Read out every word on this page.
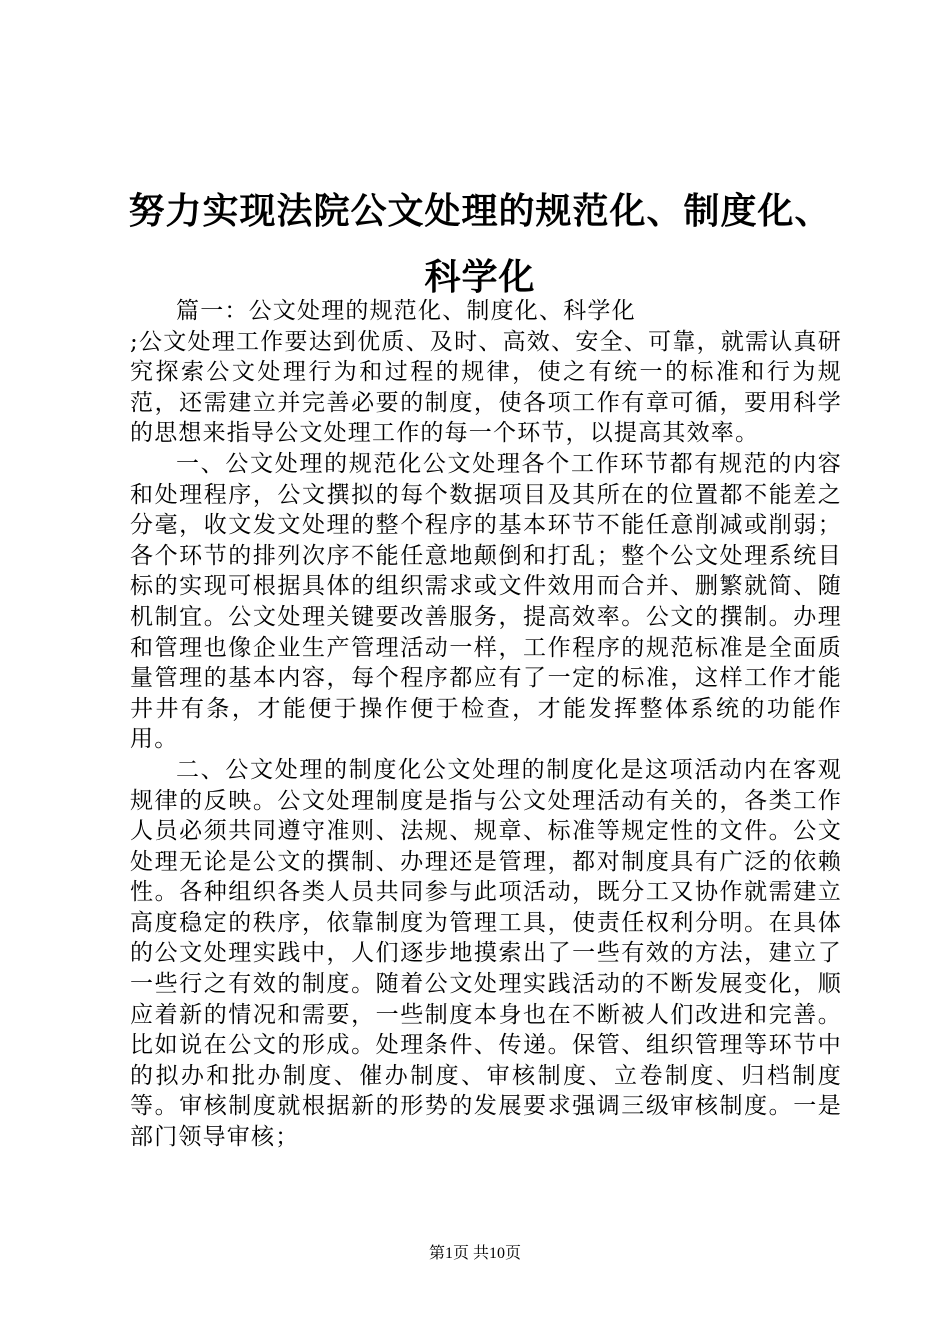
努力实现法院公文处理的规范化、制度化、科学化

篇一：公文处理的规范化、制度化、科学化

;公文处理工作要达到优质、及时、高效、安全、可靠，就需认真研究探索公文处理行为和过程的规律，使之有统一的标准和行为规范，还需建立并完善必要的制度，使各项工作有章可循，要用科学的思想来指导公文处理工作的每一个环节，以提高其效率。

一、公文处理的规范化公文处理各个工作环节都有规范的内容和处理程序，公文撰拟的每个数据项目及其所在的位置都不能差之分毫，收文发文处理的整个程序的基本环节不能任意削减或削弱；各个环节的排列次序不能任意地颠倒和打乱；整个公文处理系统目标的实现可根据具体的组织需求或文件效用而合并、删繁就简、随机制宜。公文处理关键要改善服务，提高效率。公文的撰制。办理和管理也像企业生产管理活动一样，工作程序的规范标准是全面质量管理的基本内容，每个程序都应有了一定的标准，这样工作才能井井有条，才能便于操作便于检查，才能发挥整体系统的功能作用。

二、公文处理的制度化公文处理的制度化是这项活动内在客观规律的反映。公文处理制度是指与公文处理活动有关的，各类工作人员必须共同遵守准则、法规、规章、标准等规定性的文件。公文处理无论是公文的撰制、办理还是管理，都对制度具有广泛的依赖性。各种组织各类人员共同参与此项活动，既分工又协作就需建立高度稳定的秩序，依靠制度为管理工具，使责任权利分明。在具体的公文处理实践中，人们逐步地摸索出了一些有效的方法，建立了一些行之有效的制度。随着公文处理实践活动的不断发展变化，顺应着新的情况和需要，一些制度本身也在不断被人们改进和完善。比如说在公文的形成。处理条件、传递。保管、组织管理等环节中的拟办和批办制度、催办制度、审核制度、立卷制度、归档制度等。审核制度就根据新的形势的发展要求强调三级审核制度。一是部门领导审核；

第1页 共10页
